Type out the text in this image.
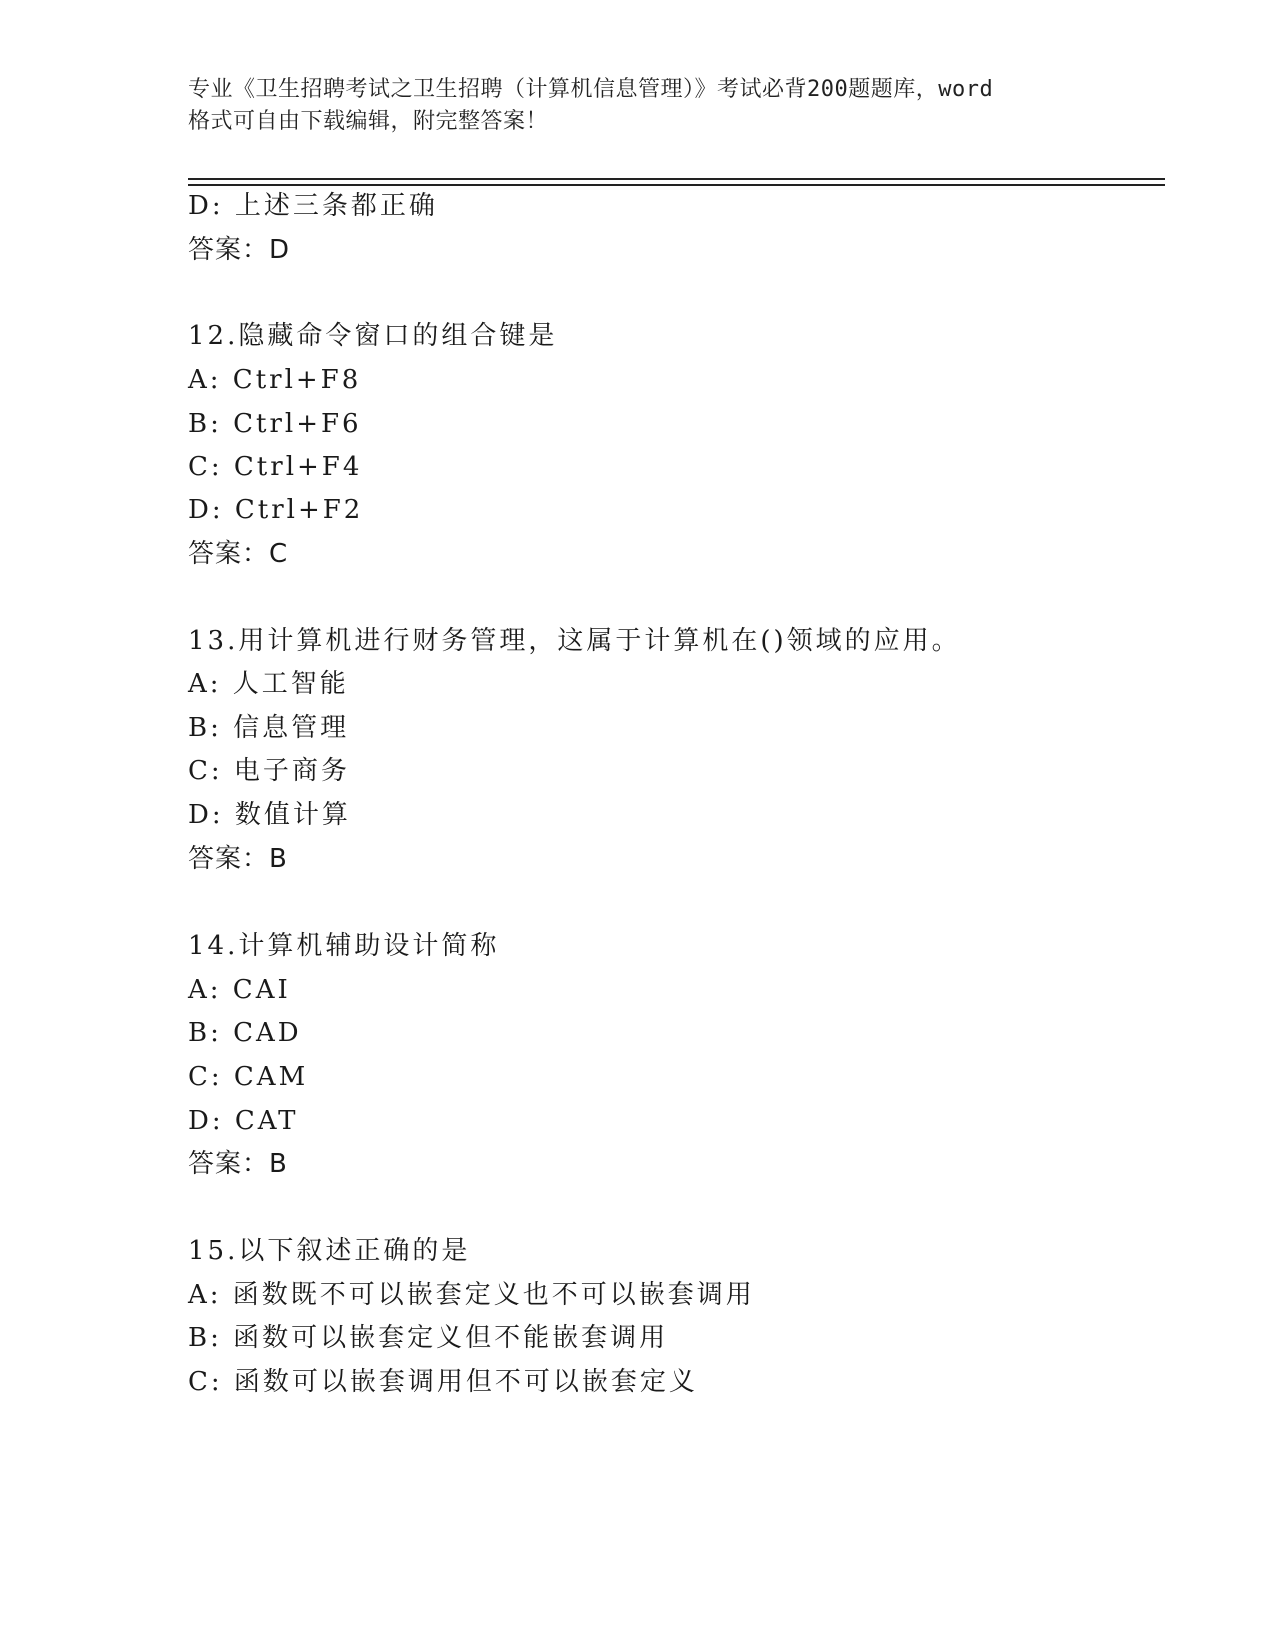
专业《卫生招聘考试之卫生招聘（计算机信息管理）》考试必背200题题库，word
格式可自由下载编辑，附完整答案！
D: 上述三条都正确
答案：D
12.隐藏命令窗口的组合键是
A: Ctrl+F8
B: Ctrl+F6
C: Ctrl+F4
D: Ctrl+F2
答案：C
13.用计算机进行财务管理，这属于计算机在()领域的应用。
A: 人工智能
B: 信息管理
C: 电子商务
D: 数值计算
答案：B
14.计算机辅助设计简称
A: CAI
B: CAD
C: CAM
D: CAT
答案：B
15.以下叙述正确的是
A: 函数既不可以嵌套定义也不可以嵌套调用
B: 函数可以嵌套定义但不能嵌套调用
C: 函数可以嵌套调用但不可以嵌套定义
